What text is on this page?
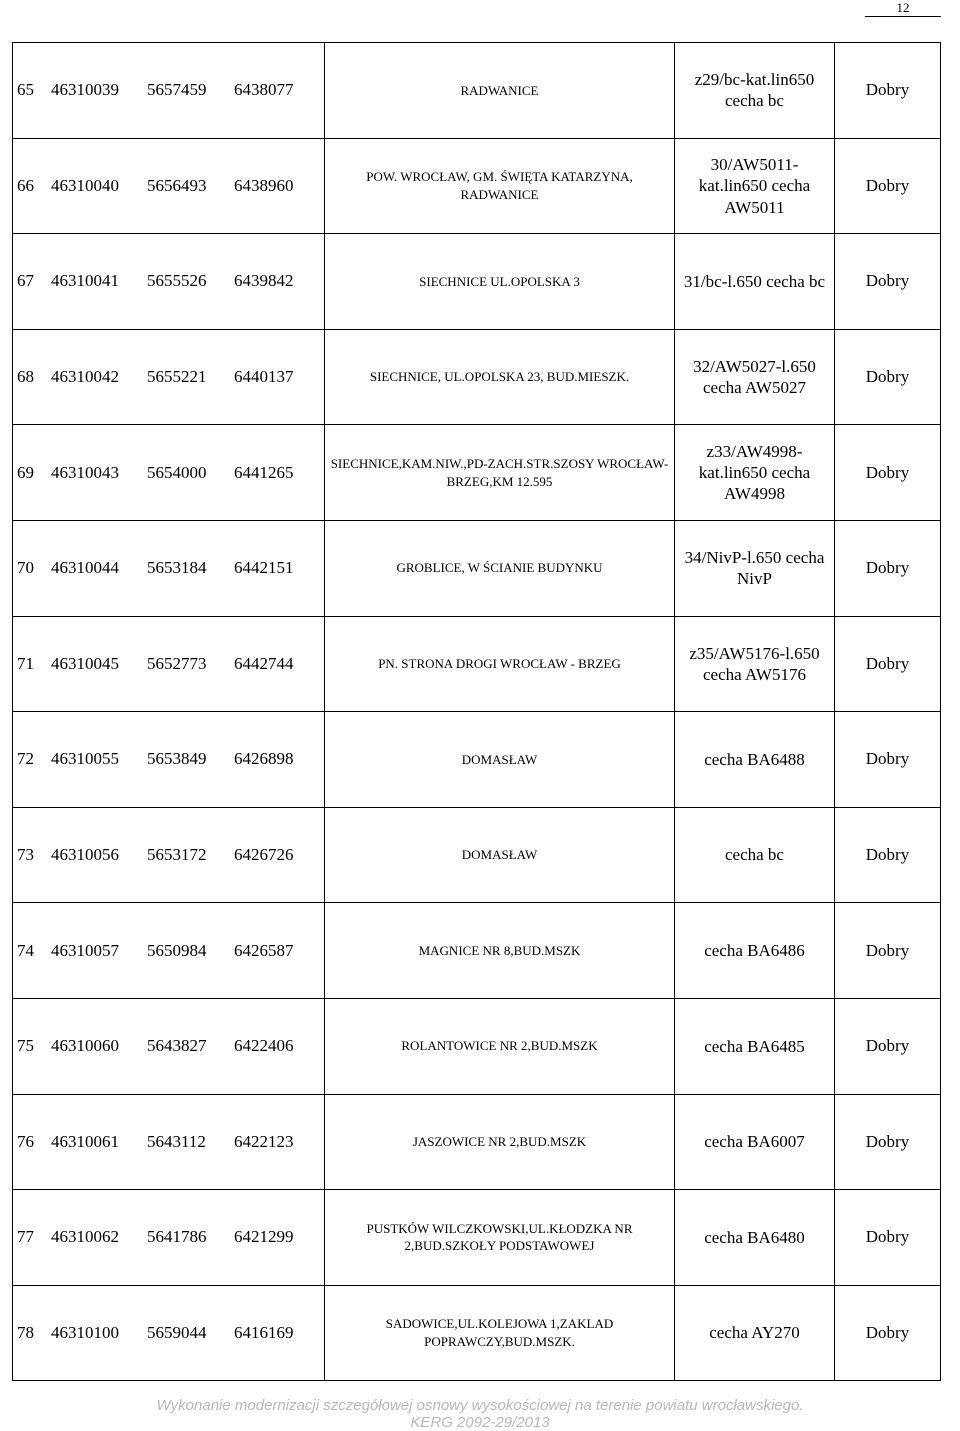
12
65 46310039 5657459 6438077	RADWANICE	z29/bc-kat.lin650 cecha bc	Dobry

66 46310040 5656493 6438960	POW. WROCŁAW, GM. ŚWIĘTA KATARZYNA, RADWANICE	30/AW5011-kat.lin650 cecha AW5011	Dobry

67 46310041 5655526 6439842	SIECHNICE UL.OPOLSKA 3	31/bc-l.650 cecha bc	Dobry

68 46310042 5655221 6440137	SIECHNICE, UL.OPOLSKA 23, BUD.MIESZK.	32/AW5027-l.650 cecha AW5027	Dobry

69 46310043 5654000 6441265	SIECHNICE,KAM.NIW.,PD-ZACH.STR.SZOSY WROCŁAW-BRZEG,KM 12.595	z33/AW4998-kat.lin650 cecha AW4998	Dobry

70 46310044 5653184 6442151	GROBLICE, W ŚCIANIE BUDYNKU	34/NivP-l.650 cecha NivP	Dobry

71 46310045 5652773 6442744	PN. STRONA DROGI WROCŁAW - BRZEG	z35/AW5176-l.650 cecha AW5176	Dobry

72 46310055 5653849 6426898	DOMASŁAW	cecha BA6488	Dobry

73 46310056 5653172 6426726	DOMASŁAW	cecha bc	Dobry

74 46310057 5650984 6426587	MAGNICE NR 8,BUD.MSZK	cecha BA6486	Dobry

75 46310060 5643827 6422406	ROLANTOWICE NR 2,BUD.MSZK	cecha BA6485	Dobry

76 46310061 5643112 6422123	JASZOWICE NR 2,BUD.MSZK	cecha BA6007	Dobry

77 46310062 5641786 6421299	PUSTKÓW WILCZKOWSKI,UL.KŁODZKA NR 2,BUD.SZKOŁY PODSTAWOWEJ	cecha BA6480	Dobry

78 46310100 5659044 6416169	SADOWICE,UL.KOLEJOWA 1,ZAKLAD POPRAWCZY,BUD.MSZK.	cecha AY270	Dobry
Wykonanie modernizacji szczegółowej osnowy wysokościowej na terenie powiatu wrocławskiego.
KERG 2092-29/2013
